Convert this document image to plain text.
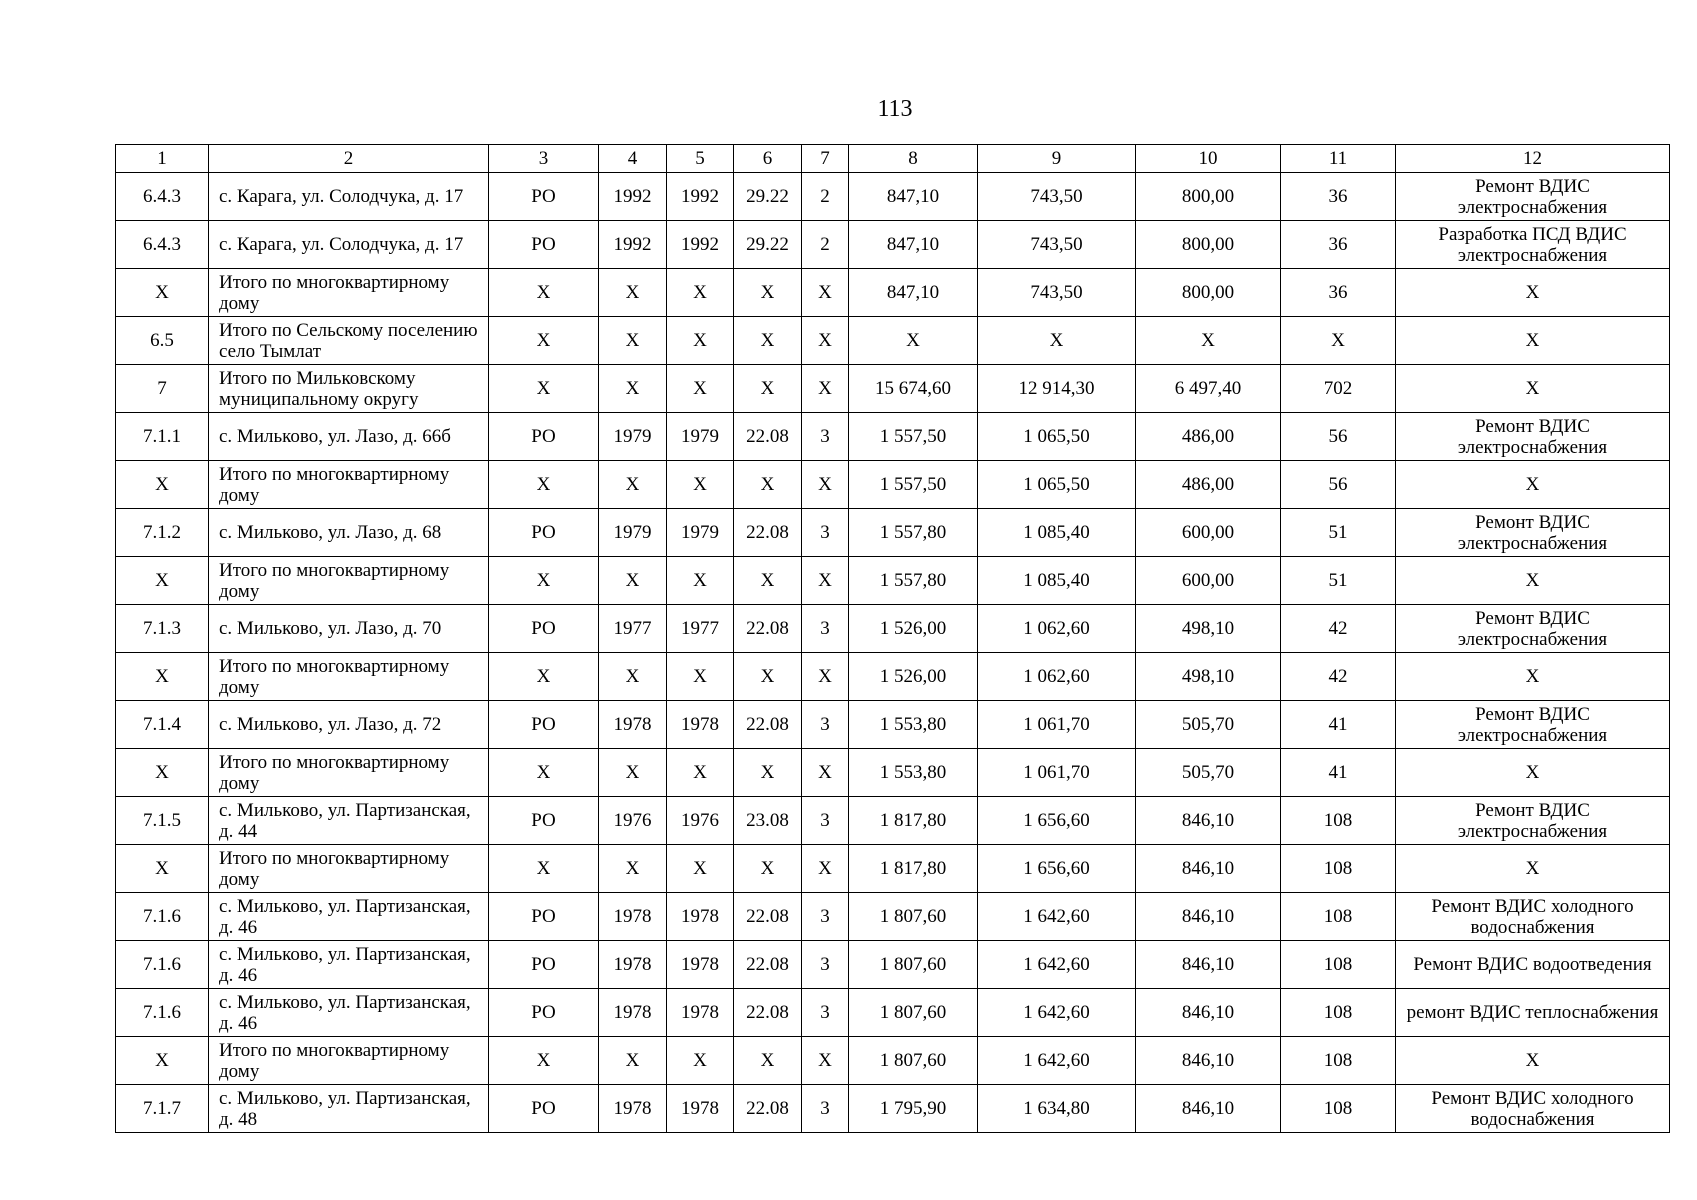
113
1	2	3	4	5	6	7	8	9	10	11	12
6.4.3	с. Карага, ул. Солодчука, д. 17	РО	1992	1992	29.22	2	847,10	743,50	800,00	36	Ремонт ВДИС электроснабжения
6.4.3	с. Карага, ул. Солодчука, д. 17	РО	1992	1992	29.22	2	847,10	743,50	800,00	36	Разработка ПСД ВДИС электроснабжения
Х	Итого по многоквартирному дому	Х	Х	Х	Х	Х	847,10	743,50	800,00	36	Х
6.5	Итого по Сельскому поселению село Тымлат	Х	Х	Х	Х	Х	Х	Х	Х	Х	Х
7	Итого по Мильковскому муниципальному округу	Х	Х	Х	Х	Х	15 674,60	12 914,30	6 497,40	702	Х
7.1.1	с. Мильково, ул. Лазо, д. 66б	РО	1979	1979	22.08	3	1 557,50	1 065,50	486,00	56	Ремонт ВДИС электроснабжения
Х	Итого по многоквартирному дому	Х	Х	Х	Х	Х	1 557,50	1 065,50	486,00	56	Х
7.1.2	с. Мильково, ул. Лазо, д. 68	РО	1979	1979	22.08	3	1 557,80	1 085,40	600,00	51	Ремонт ВДИС электроснабжения
Х	Итого по многоквартирному дому	Х	Х	Х	Х	Х	1 557,80	1 085,40	600,00	51	Х
7.1.3	с. Мильково, ул. Лазо, д. 70	РО	1977	1977	22.08	3	1 526,00	1 062,60	498,10	42	Ремонт ВДИС электроснабжения
Х	Итого по многоквартирному дому	Х	Х	Х	Х	Х	1 526,00	1 062,60	498,10	42	Х
7.1.4	с. Мильково, ул. Лазо, д. 72	РО	1978	1978	22.08	3	1 553,80	1 061,70	505,70	41	Ремонт ВДИС электроснабжения
Х	Итого по многоквартирному дому	Х	Х	Х	Х	Х	1 553,80	1 061,70	505,70	41	Х
7.1.5	с. Мильково, ул. Партизанская, д. 44	РО	1976	1976	23.08	3	1 817,80	1 656,60	846,10	108	Ремонт ВДИС электроснабжения
Х	Итого по многоквартирному дому	Х	Х	Х	Х	Х	1 817,80	1 656,60	846,10	108	Х
7.1.6	с. Мильково, ул. Партизанская, д. 46	РО	1978	1978	22.08	3	1 807,60	1 642,60	846,10	108	Ремонт ВДИС холодного водоснабжения
7.1.6	с. Мильково, ул. Партизанская, д. 46	РО	1978	1978	22.08	3	1 807,60	1 642,60	846,10	108	Ремонт ВДИС водоотведения
7.1.6	с. Мильково, ул. Партизанская, д. 46	РО	1978	1978	22.08	3	1 807,60	1 642,60	846,10	108	ремонт ВДИС теплоснабжения
Х	Итого по многоквартирному дому	Х	Х	Х	Х	Х	1 807,60	1 642,60	846,10	108	Х
7.1.7	с. Мильково, ул. Партизанская, д. 48	РО	1978	1978	22.08	3	1 795,90	1 634,80	846,10	108	Ремонт ВДИС холодного водоснабжения
